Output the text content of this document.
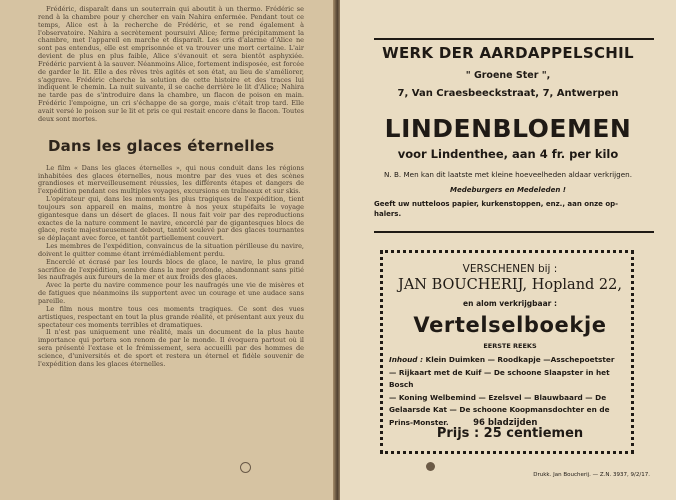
Frédéric, disparaît dans un souterrain qui aboutit à un thermo. Frédéric se rend à la chambre pour y chercher en vain Nahira enfermée. Pendant tout ce temps, Alice est à la recherche de Frédéric, et se rend également à l'observatoire. Nahira a secrètement poursuivi Alice; ferme précipitamment la chambre, met l'appareil en marche et disparaît. Les cris d'alarme d'Alice ne sont pas entendus, elle est emprisonnée et va trouver une mort certaine. L'air devient de plus en plus faible, Alice s'évanouit et sera bientôt asphyxiée. Frédéric parvient à la sauver. Néanmoins Alice, fortement indisposée, est forcée de garder le lit. Elle a des rêves très agités et son état, au lieu de s'améliorer, s'aggrave. Frédéric cherche la solution de cette histoire et des traces lui indiquent le chemin. La nuit suivante, il se cache derrière le lit d'Alice; Nahira ne tarde pas de s'introduire dans la chambre, un flacon de poison en main. Frédéric l'empoigne, un cri s'échappe de sa gorge, mais c'était trop tard. Elle avait versé le poison sur le lit et pris ce qui restait encore dans le flacon. Toutes deux sont mortes.

Dans les glaces éternelles

Le film « Dans les glaces éternelles », qui nous conduit dans les régions inhabitées des glaces éternelles, nous montre par des vues et des scènes grandioses et merveilleusement réussies, les différents étapes et dangers de l'expédition pendant ces multiples voyages, excursions en traîneaux et sur skis.

L'opérateur qui, dans les moments les plus tragiques de l'expédition, tient toujours son appareil en mains, montre à nos yeux stupéfaits le voyage gigantesque dans un désert de glaces. Il nous fait voir par des reproductions exactes de la nature comment le navire, encerclé par de gigantesques blocs de glace, reste majestueusement debout, tantôt soulevé par des glaces tournantes se déplaçant avec force, et tantôt partiellement couvert.

Les membres de l'expédition, convaincus de la situation périlleuse du navire, doivent le quitter comme étant irrémédiablement perdu.

Encerclé et écrasé par les lourds blocs de glace, le navire, le plus grand sacrifice de l'expédition, sombre dans la mer profonde, abandonnant sans pitié les naufragés aux fureurs de la mer et aux froids des glaces.

Avec la perte du navire commence pour les naufragés une vie de misères et de fatigues que néanmoins ils supportent avec un courage et une audace sans pareille.

Le film nous montre tous ces moments tragiques. Ce sont des vues artistiques, respectant en tout la plus grande réalité, et présentant aux yeux du spectateur ces moments terribles et dramatiques.

Il n'est pas uniquement une réalité, mais un document de la plus haute importance qui portera son renom de par le monde. Il évoquera partout où il sera présenté l'extase et le frémissement, sera accueilli par des hommes de science, d'universités et de sport et restera un éternel et fidèle souvenir de l'expédition dans les glaces éternelles.

WERK DER AARDAPPELSCHIL

" Groene Ster ",

7, Van Craesbeeckstraat, 7, Antwerpen

LINDENBLOEMEN

voor Lindenthee, aan 4 fr. per kilo

N. B. Men kan dit laatste met kleine hoeveelheden aldaar verkrijgen.

Medeburgers en Medeleden !

Geeft uw nutteloos papier, kurkenstoppen, enz., aan onze op-

halers.

VERSCHENEN bij :

JAN BOUCHERIJ, Hopland 22,

en alom verkrijgbaar :

Vertelselboekje

EERSTE REEKS

Inhoud : Klein Duimken — Roodkapje —Asschepoetster
— Rijkaart met de Kuif — De schoone Slaapster in het Bosch
— Koning Welbemind — Ezelsvel — Blauwbaard — De
Gelaarsde Kat — De schoone Koopmansdochter en de
Prins-Monster.	96 bladzijden

Prijs : 25 centiemen

Drukk. Jan Boucherij. — Z.N. 3937, 9/2/17.
